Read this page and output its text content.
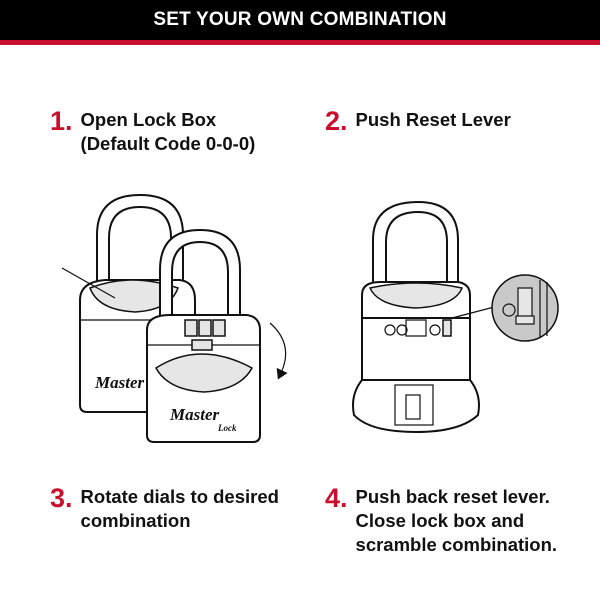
SET YOUR OWN COMBINATION
1. Open Lock Box
(Default Code 0-0-0)
2. Push Reset Lever
3. Rotate dials to desired
combination
4. Push back reset lever.
Close lock box and
scramble combination.
Master
Master
Lock
